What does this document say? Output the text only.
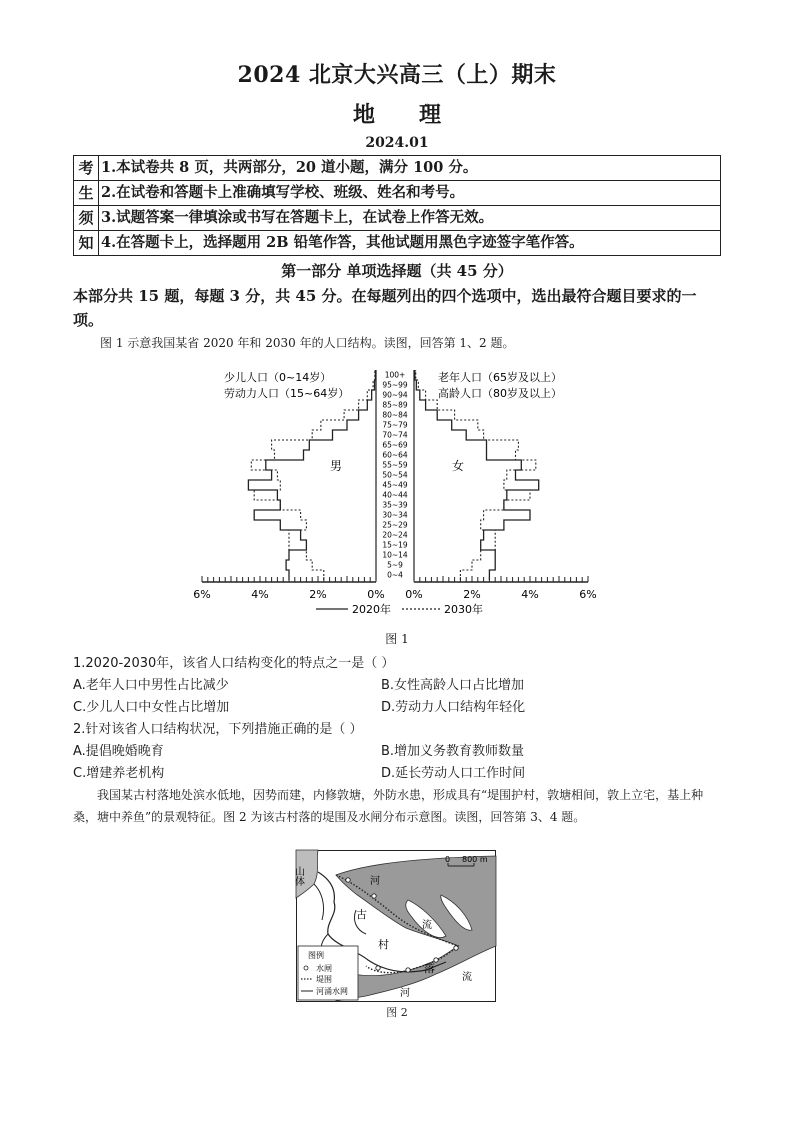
2024 北京大兴高三（上）期末
地 理
2024.01
考	1.本试卷共 8 页，共两部分，20 道小题，满分 100 分。
生	2.在试卷和答题卡上准确填写学校、班级、姓名和考号。
须	3.试题答案一律填涂或书写在答题卡上，在试卷上作答无效。
知	4.在答题卡上，选择题用 2B 铅笔作答，其他试题用黑色字迹签字笔作答。
第一部分 单项选择题（共 45 分）
本部分共 15 题，每题 3 分，共 45 分。在每题列出的四个选项中，选出最符合题目要求的一项。
图 1 示意我国某省 2020 年和 2030 年的人口结构。读图，回答第 1、2 题。
少儿人口（0~14岁）
劳动力人口（15~64岁）
老年人口（65岁及以上）
高龄人口（80岁及以上）
男	女
6%	4%	2%	0% 0%	2%	4%	6%
0~4
5~9
10~14
15~19
20~24
25~29
30~34
35~39
40~44
45~49
50~54
55~59
60~64
65~69
70~74
75~79
80~84
85~89
90~94
95~99
100+
2020年	2030年
图 1
1.2020-2030年，该省人口结构变化的特点之一是（ ）
A.老年人口中男性占比减少	B.女性高龄人口占比增加
C.少儿人口中女性占比增加	D.劳动力人口结构年轻化
2.针对该省人口结构状况，下列措施正确的是（ ）
A.提倡晚婚晚育	B.增加义务教育教师数量
C.增建养老机构	D.延长劳动人口工作时间
我国某古村落地处滨水低地，因势而建，内修敦塘，外防水患，形成具有“堤围护村，敦塘相间，敦上立宅，基上种桑，塘中养鱼”的景观特征。图 2 为该古村落的堤围及水闸分布示意图。读图，回答第 3、4 题。
山体	河
流
古
村
落
河
流
0 800 m
图例
水闸
堤围
河涌水网
图 2
